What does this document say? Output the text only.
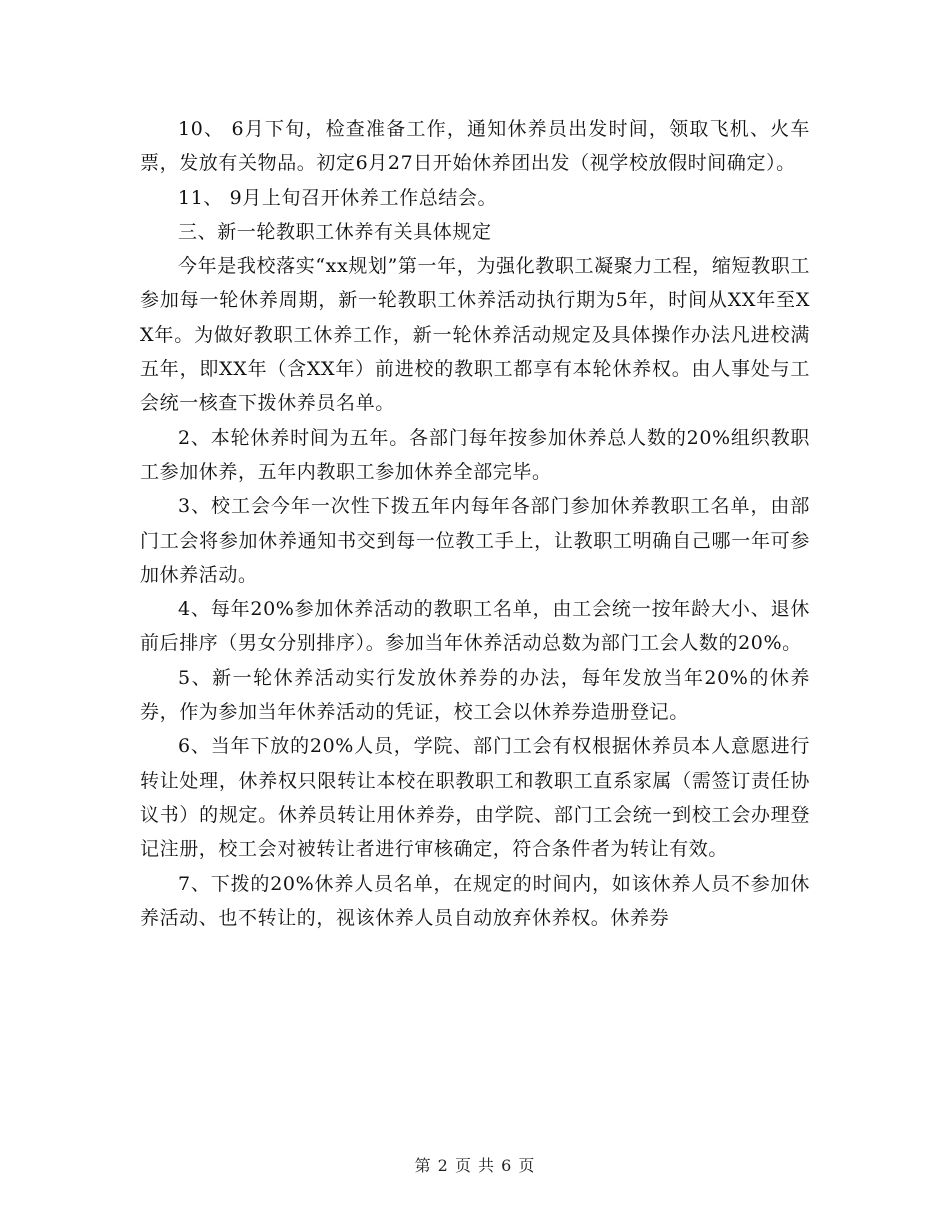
10、 6月下旬，检查准备工作，通知休养员出发时间，领取飞机、火车票，发放有关物品。初定6月27日开始休养团出发（视学校放假时间确定）。

11、 9月上旬召开休养工作总结会。

三、新一轮教职工休养有关具体规定

今年是我校落实“xx规划”第一年，为强化教职工凝聚力工程，缩短教职工参加每一轮休养周期，新一轮教职工休养活动执行期为5年，时间从XX年至XX年。为做好教职工休养工作，新一轮休养活动规定及具体操作办法凡进校满五年，即XX年（含XX年）前进校的教职工都享有本轮休养权。由人事处与工会统一核查下拨休养员名单。

2、本轮休养时间为五年。各部门每年按参加休养总人数的20%组织教职工参加休养，五年内教职工参加休养全部完毕。

3、校工会今年一次性下拨五年内每年各部门参加休养教职工名单，由部门工会将参加休养通知书交到每一位教工手上，让教职工明确自己哪一年可参加休养活动。

4、每年20%参加休养活动的教职工名单，由工会统一按年龄大小、退休前后排序（男女分别排序）。参加当年休养活动总数为部门工会人数的20%。

5、新一轮休养活动实行发放休养券的办法，每年发放当年20%的休养券，作为参加当年休养活动的凭证，校工会以休养券造册登记。

6、当年下放的20%人员，学院、部门工会有权根据休养员本人意愿进行转让处理，休养权只限转让本校在职教职工和教职工直系家属（需签订责任协议书）的规定。休养员转让用休养券，由学院、部门工会统一到校工会办理登记注册，校工会对被转让者进行审核确定，符合条件者为转让有效。

7、下拨的20%休养人员名单，在规定的时间内，如该休养人员不参加休养活动、也不转让的，视该休养人员自动放弃休养权。休养券

第 2 页 共 6 页
